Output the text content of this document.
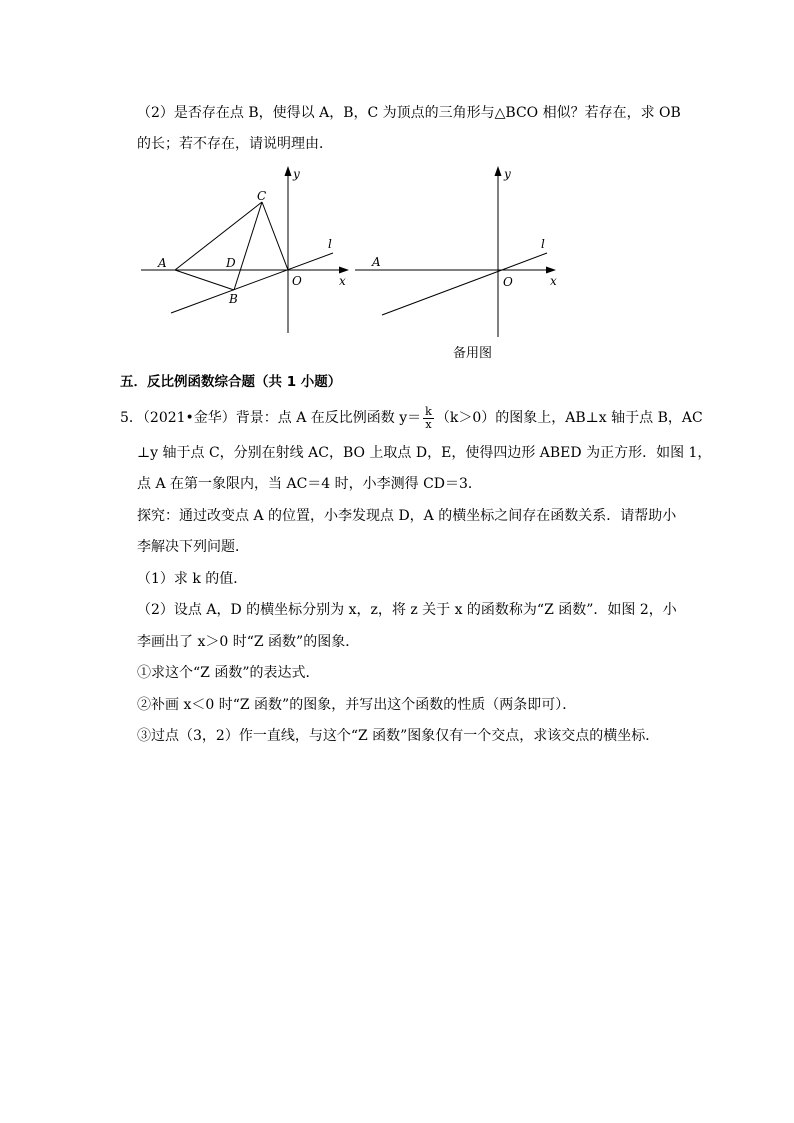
（2）是否存在点 B，使得以 A，B，C 为顶点的三角形与△BCO 相似？若存在，求 OB
的长；若不存在，请说明理由．
y
C
l
A	D
O	x
B
y
l
A
O	x
备用图
五．反比例函数综合题（共 1 小题）
5．（2021•金华）背景：点 A 在反比例函数 $y= \frac{k}{x} (k>0)$的图象上，AB⊥x 轴于点 B，AC
⊥y 轴于点 C，分别在射线 AC，BO 上取点 D，E，使得四边形 ABED 为正方形．如图 1，
点 A 在第一象限内，当 AC＝4 时，小李测得 CD＝3．
探究：通过改变点 A 的位置，小李发现点 D，A 的横坐标之间存在函数关系．请帮助小
李解决下列问题．
（1）求 k 的值．
（2）设点 A，D 的横坐标分别为 x，z，将 z 关于 x 的函数称为“Z 函数”．如图 2，小
李画出了 x＞0 时“Z 函数”的图象．
①求这个“Z 函数”的表达式．
②补画 x＜0 时“Z 函数”的图象，并写出这个函数的性质（两条即可）．
③过点（3，2）作一直线，与这个“Z 函数”图象仅有一个交点，求该交点的横坐标．
